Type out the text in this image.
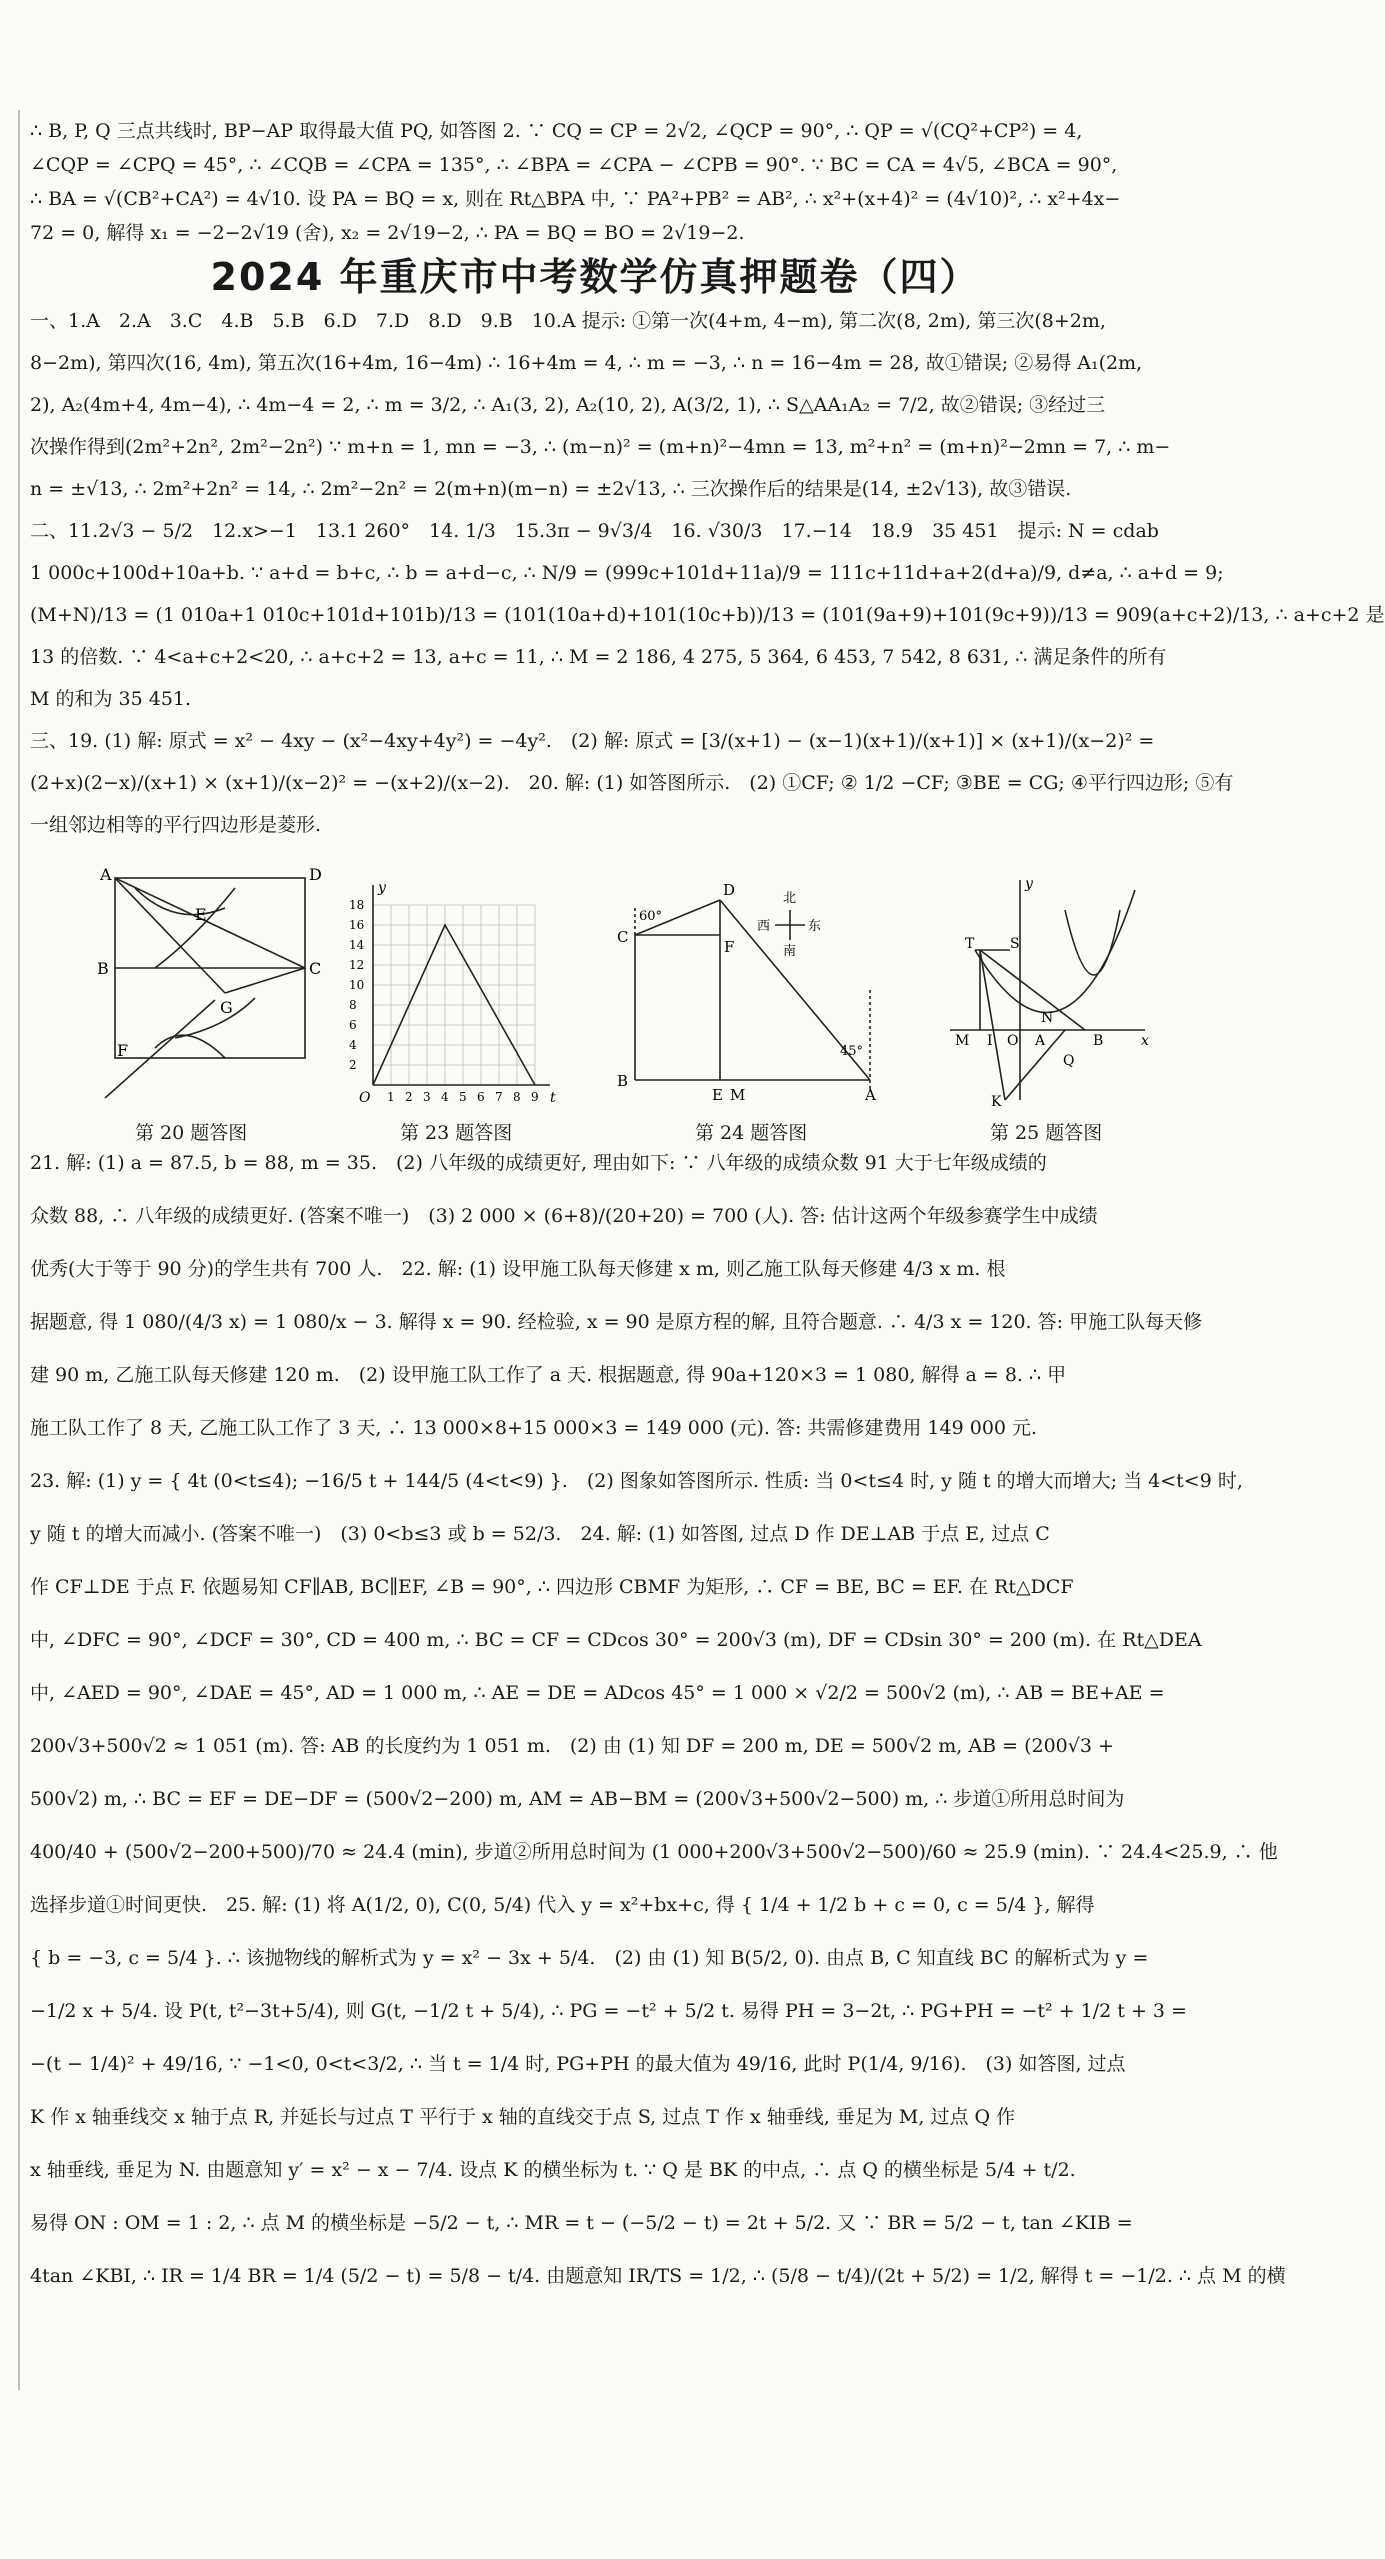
∴ B, P, Q 三点共线时, BP−AP 取得最大值 PQ, 如答图 2. ∵ CQ = CP = 2√2, ∠QCP = 90°, ∴ QP = √(CQ²+CP²) = 4,
∠CQP = ∠CPQ = 45°, ∴ ∠CQB = ∠CPA = 135°, ∴ ∠BPA = ∠CPA − ∠CPB = 90°. ∵ BC = CA = 4√5, ∠BCA = 90°,
∴ BA = √(CB²+CA²) = 4√10. 设 PA = BQ = x, 则在 Rt△BPA 中, ∵ PA²+PB² = AB², ∴ x²+(x+4)² = (4√10)², ∴ x²+4x−
72 = 0, 解得 x₁ = −2−2√19 (舍), x₂ = 2√19−2, ∴ PA = BQ = BO = 2√19−2.
2024 年重庆市中考数学仿真押题卷（四）
一、1.A　2.A　3.C　4.B　5.B　6.D　7.D　8.D　9.B　10.A 提示: ①第一次(4+m, 4−m), 第二次(8, 2m), 第三次(8+2m,
8−2m), 第四次(16, 4m), 第五次(16+4m, 16−4m) ∴ 16+4m = 4, ∴ m = −3, ∴ n = 16−4m = 28, 故①错误; ②易得 A₁(2m,
2), A₂(4m+4, 4m−4), ∴ 4m−4 = 2, ∴ m = 3/2, ∴ A₁(3, 2), A₂(10, 2), A(3/2, 1), ∴ S△AA₁A₂ = 7/2, 故②错误; ③经过三
次操作得到(2m²+2n², 2m²−2n²) ∵ m+n = 1, mn = −3, ∴ (m−n)² = (m+n)²−4mn = 13, m²+n² = (m+n)²−2mn = 7, ∴ m−
n = ±√13, ∴ 2m²+2n² = 14, ∴ 2m²−2n² = 2(m+n)(m−n) = ±2√13, ∴ 三次操作后的结果是(14, ±2√13), 故③错误.
二、11.2√3 − 5/2　12.x>−1　13.1 260°　14. 1/3　15.3π − 9√3/4　16. √30/3　17.−14　18.9　35 451　提示: N = cdab
1 000c+100d+10a+b. ∵ a+d = b+c, ∴ b = a+d−c, ∴ N/9 = (999c+101d+11a)/9 = 111c+11d+a+2(d+a)/9, d≠a, ∴ a+d = 9;
(M+N)/13 = (1 010a+1 010c+101d+101b)/13 = (101(10a+d)+101(10c+b))/13 = (101(9a+9)+101(9c+9))/13 = 909(a+c+2)/13, ∴ a+c+2 是
13 的倍数. ∵ 4<a+c+2<20, ∴ a+c+2 = 13, a+c = 11, ∴ M = 2 186, 4 275, 5 364, 6 453, 7 542, 8 631, ∴ 满足条件的所有
M 的和为 35 451.
三、19. (1) 解: 原式 = x² − 4xy − (x²−4xy+4y²) = −4y².　(2) 解: 原式 = [3/(x+1) − (x−1)(x+1)/(x+1)] × (x+1)/(x−2)² =
(2+x)(2−x)/(x+1) × (x+1)/(x−2)² = −(x+2)/(x−2).　20. 解: (1) 如答图所示.　(2) ①CF; ② 1/2 −CF; ③BE = CG; ④平行四边形; ⑤有
一组邻边相等的平行四边形是菱形.
A	D
E
B	C
G
F
1 2 3 4 5 6 7 8 9
18
16
14
12
10
8
6
4
2
y
t
O
北
西	东
南
D
C
F
B
E M	A
60°
45°
y
T	S
N
M I O A	B	x
Q
K
第 20 题答图	第 23 题答图	第 24 题答图	第 25 题答图
21. 解: (1) a = 87.5, b = 88, m = 35.　(2) 八年级的成绩更好, 理由如下: ∵ 八年级的成绩众数 91 大于七年级成绩的
众数 88, ∴ 八年级的成绩更好. (答案不唯一)　(3) 2 000 × (6+8)/(20+20) = 700 (人). 答: 估计这两个年级参赛学生中成绩
优秀(大于等于 90 分)的学生共有 700 人.　22. 解: (1) 设甲施工队每天修建 x m, 则乙施工队每天修建 4/3 x m. 根
据题意, 得 1 080/(4/3 x) = 1 080/x − 3. 解得 x = 90. 经检验, x = 90 是原方程的解, 且符合题意. ∴ 4/3 x = 120. 答: 甲施工队每天修
建 90 m, 乙施工队每天修建 120 m.　(2) 设甲施工队工作了 a 天. 根据题意, 得 90a+120×3 = 1 080, 解得 a = 8. ∴ 甲
施工队工作了 8 天, 乙施工队工作了 3 天, ∴ 13 000×8+15 000×3 = 149 000 (元). 答: 共需修建费用 149 000 元.
23. 解: (1) y = { 4t (0<t≤4); −16/5 t + 144/5 (4<t<9) }.　(2) 图象如答图所示. 性质: 当 0<t≤4 时, y 随 t 的增大而增大; 当 4<t<9 时,
y 随 t 的增大而减小. (答案不唯一)　(3) 0<b≤3 或 b = 52/3.　24. 解: (1) 如答图, 过点 D 作 DE⊥AB 于点 E, 过点 C
作 CF⊥DE 于点 F. 依题易知 CF∥AB, BC∥EF, ∠B = 90°, ∴ 四边形 CBMF 为矩形, ∴ CF = BE, BC = EF. 在 Rt△DCF
中, ∠DFC = 90°, ∠DCF = 30°, CD = 400 m, ∴ BC = CF = CDcos 30° = 200√3 (m), DF = CDsin 30° = 200 (m). 在 Rt△DEA
中, ∠AED = 90°, ∠DAE = 45°, AD = 1 000 m, ∴ AE = DE = ADcos 45° = 1 000 × √2/2 = 500√2 (m), ∴ AB = BE+AE =
200√3+500√2 ≈ 1 051 (m). 答: AB 的长度约为 1 051 m.　(2) 由 (1) 知 DF = 200 m, DE = 500√2 m, AB = (200√3 +
500√2) m, ∴ BC = EF = DE−DF = (500√2−200) m, AM = AB−BM = (200√3+500√2−500) m, ∴ 步道①所用总时间为
400/40 + (500√2−200+500)/70 ≈ 24.4 (min), 步道②所用总时间为 (1 000+200√3+500√2−500)/60 ≈ 25.9 (min). ∵ 24.4<25.9, ∴ 他
选择步道①时间更快.　25. 解: (1) 将 A(1/2, 0), C(0, 5/4) 代入 y = x²+bx+c, 得 { 1/4 + 1/2 b + c = 0, c = 5/4 }, 解得
{ b = −3, c = 5/4 }. ∴ 该抛物线的解析式为 y = x² − 3x + 5/4.　(2) 由 (1) 知 B(5/2, 0). 由点 B, C 知直线 BC 的解析式为 y =
−1/2 x + 5/4. 设 P(t, t²−3t+5/4), 则 G(t, −1/2 t + 5/4), ∴ PG = −t² + 5/2 t. 易得 PH = 3−2t, ∴ PG+PH = −t² + 1/2 t + 3 =
−(t − 1/4)² + 49/16, ∵ −1<0, 0<t<3/2, ∴ 当 t = 1/4 时, PG+PH 的最大值为 49/16, 此时 P(1/4, 9/16).　(3) 如答图, 过点
K 作 x 轴垂线交 x 轴于点 R, 并延长与过点 T 平行于 x 轴的直线交于点 S, 过点 T 作 x 轴垂线, 垂足为 M, 过点 Q 作
x 轴垂线, 垂足为 N. 由题意知 y′ = x² − x − 7/4. 设点 K 的横坐标为 t. ∵ Q 是 BK 的中点, ∴ 点 Q 的横坐标是 5/4 + t/2.
易得 ON : OM = 1 : 2, ∴ 点 M 的横坐标是 −5/2 − t, ∴ MR = t − (−5/2 − t) = 2t + 5/2. 又 ∵ BR = 5/2 − t, tan ∠KIB =
4tan ∠KBI, ∴ IR = 1/4 BR = 1/4 (5/2 − t) = 5/8 − t/4. 由题意知 IR/TS = 1/2, ∴ (5/8 − t/4)/(2t + 5/2) = 1/2, 解得 t = −1/2. ∴ 点 M 的横
